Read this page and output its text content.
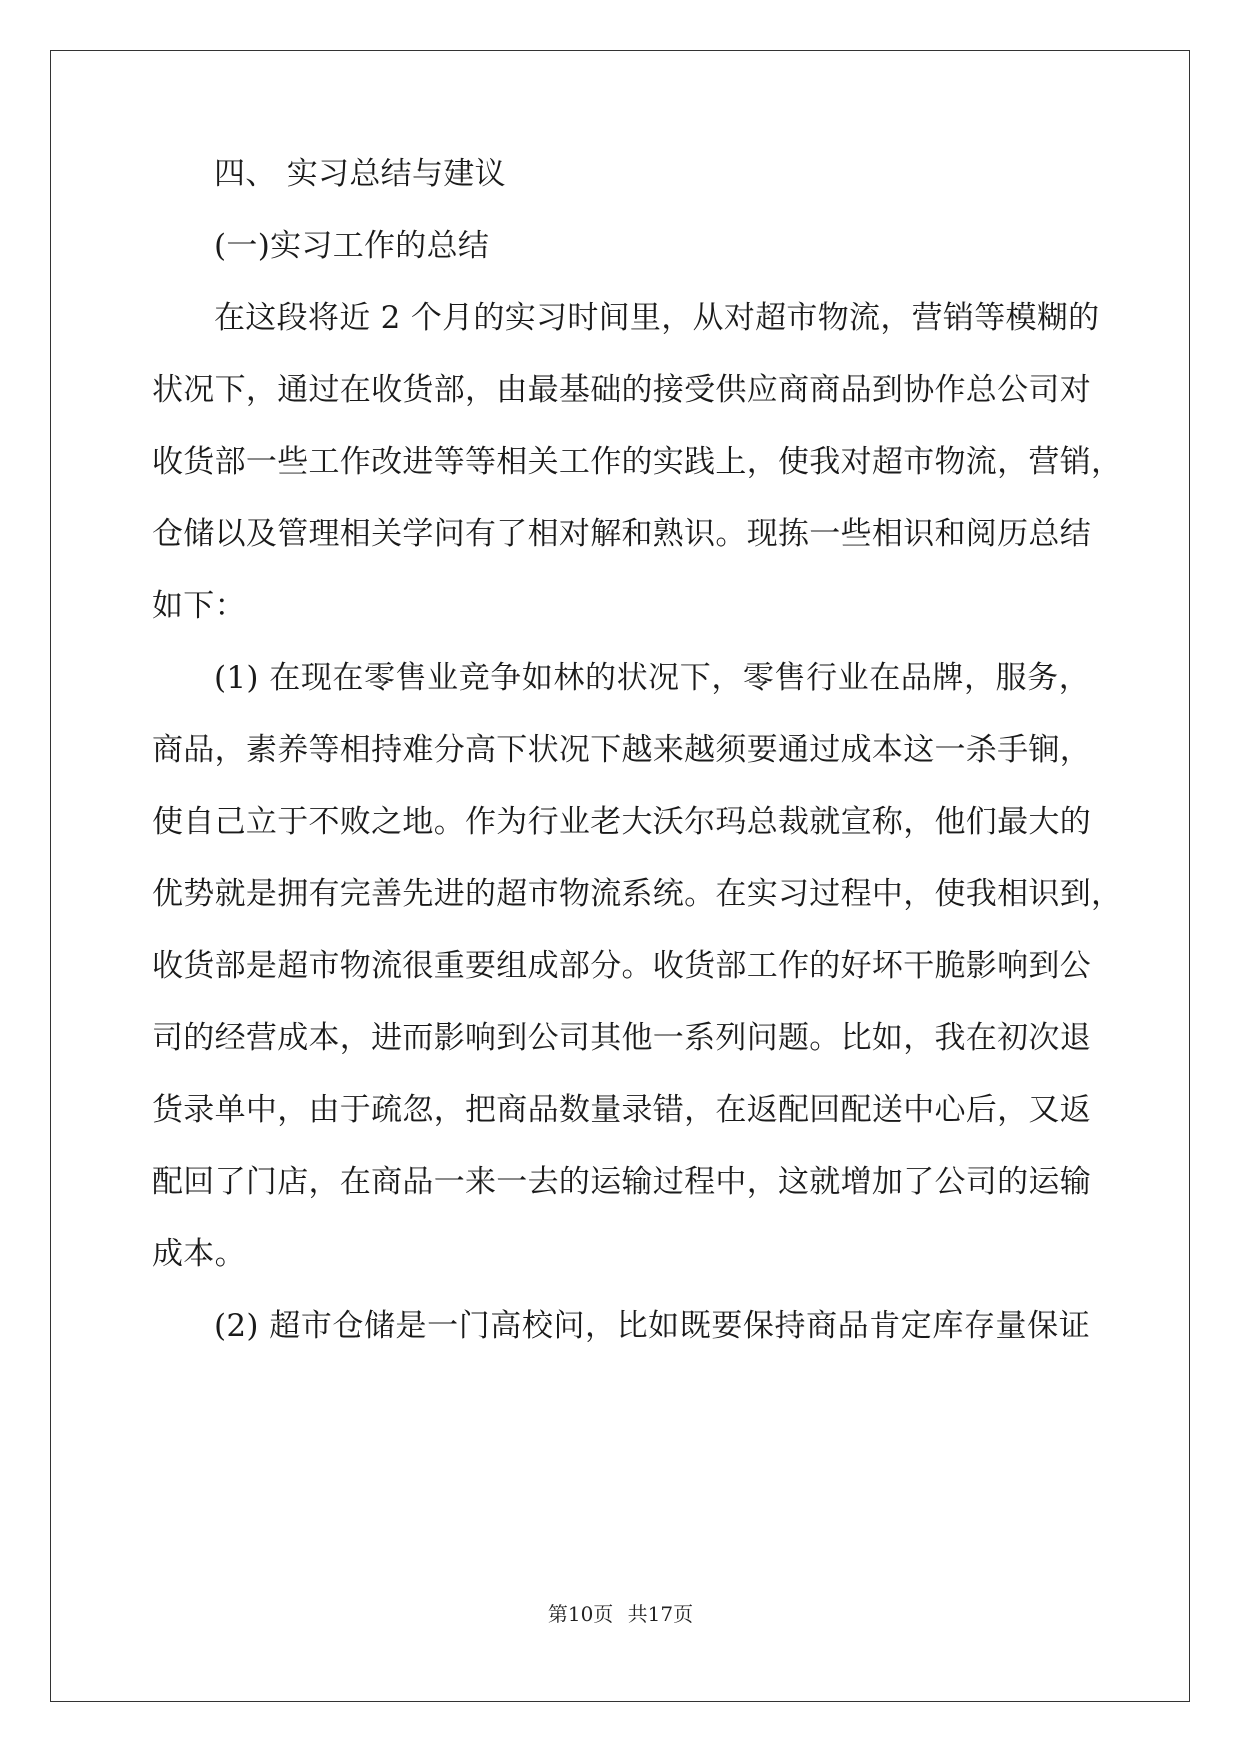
四、 实习总结与建议
(一)实习工作的总结
在这段将近 2 个月的实习时间里，从对超市物流，营销等模糊的
状况下，通过在收货部，由最基础的接受供应商商品到协作总公司对
收货部一些工作改进等等相关工作的实践上，使我对超市物流，营销，
仓储以及管理相关学问有了相对解和熟识。现拣一些相识和阅历总结
如下：
(1) 在现在零售业竞争如林的状况下，零售行业在品牌，服务，
商品，素养等相持难分高下状况下越来越须要通过成本这一杀手锏，
使自己立于不败之地。作为行业老大沃尔玛总裁就宣称，他们最大的
优势就是拥有完善先进的超市物流系统。在实习过程中，使我相识到，
收货部是超市物流很重要组成部分。收货部工作的好坏干脆影响到公
司的经营成本，进而影响到公司其他一系列问题。比如，我在初次退
货录单中，由于疏忽，把商品数量录错，在返配回配送中心后，又返
配回了门店，在商品一来一去的运输过程中，这就增加了公司的运输
成本。
(2) 超市仓储是一门高校问，比如既要保持商品肯定库存量保证
第10页 共17页
